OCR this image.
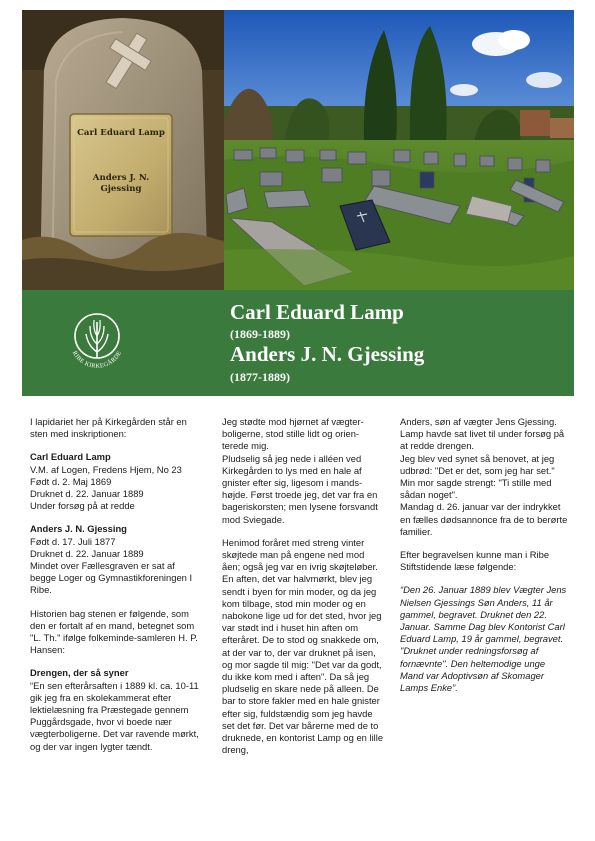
Carl Eduard Lamp

Anders J. N. Gjessing
RIBE KIRKEGÅRDE
Carl Eduard Lamp
(1869-1889)
Anders J. N. Gjessing
(1877-1889)

I lapidariet her på Kirkegården står en sten med inskriptionen:

Carl Eduard Lamp

V.M. af Logen, Fredens Hjem, No 23

Født d. 2. Maj 1869

Druknet d. 22. Januar 1889

Under forsøg på at redde

Anders J. N. Gjessing

Født d. 17. Juli 1877

Druknet d. 22. Januar 1889

Mindet over Fællesgraven er sat af begge Loger og Gymnastikforeningen I Ribe.

Historien bag stenen er følgende, som den er fortalt af en mand, betegnet som "L. Th." ifølge folkeminde-samleren H. P. Hansen:

Drengen, der så syner

“En sen efterårsaften i 1889 kl. ca. 10-11 gik jeg fra en skolekammerat efter lektielæsning fra Præstegade gennem Puggårdsgade, hvor vi boede nær vægterboligerne. Det var ravende mørkt, og der var ingen lygter tændt.

Jeg stødte mod hjørnet af vægter-boligerne, stod stille lidt og orien-terede mig.

Pludselig så jeg nede i alléen ved Kirkegården to lys med en hale af gnister efter sig, ligesom i mands-højde. Først troede jeg, det var fra en bageriskorsten; men lysene forsvandt mod Sviegade.

Henimod foråret med streng vinter skøjtede man på engene ned mod åen; også jeg var en ivrig skøjteløber. En aften, det var halvmørkt, blev jeg sendt i byen for min moder, og da jeg kom tilbage, stod min moder og en nabokone lige ud for det sted, hvor jeg var stødt ind i huset hin aften om efteråret. De to stod og snakkede om, at der var to, der var druknet på isen, og mor sagde til mig: "Det var da godt, du ikke kom med i aften". Da så jeg pludselig en skare nede på alleen. De bar to store fakler med en hale gnister efter sig, fuldstændig som jeg havde set det før. Det var bårerne med de to druknede, en kontorist Lamp og en lille dreng,

Anders, søn af vægter Jens Gjessing. Lamp havde sat livet til under forsøg på at redde drengen.

Jeg blev ved synet så benovet, at jeg udbrød: "Det er det, som jeg har set."

Min mor sagde strengt: "Ti stille med sådan noget".

Mandag d. 26. januar var der indrykket en fælles dødsannonce fra de to berørte familier.

Efter begravelsen kunne man i Ribe Stiftstidende læse følgende:

“Den 26. Januar 1889 blev Vægter Jens Nielsen Gjessings Søn Anders, 11 år gammel, begravet. Druknet den 22. Januar. Samme Dag blev Kontorist Carl Eduard Lamp, 19 år gammel, begravet. "Druknet under redningsforsøg af fornævnte". Den heltemodige unge Mand var Adoptivsøn af Skomager Lamps Enke”.
